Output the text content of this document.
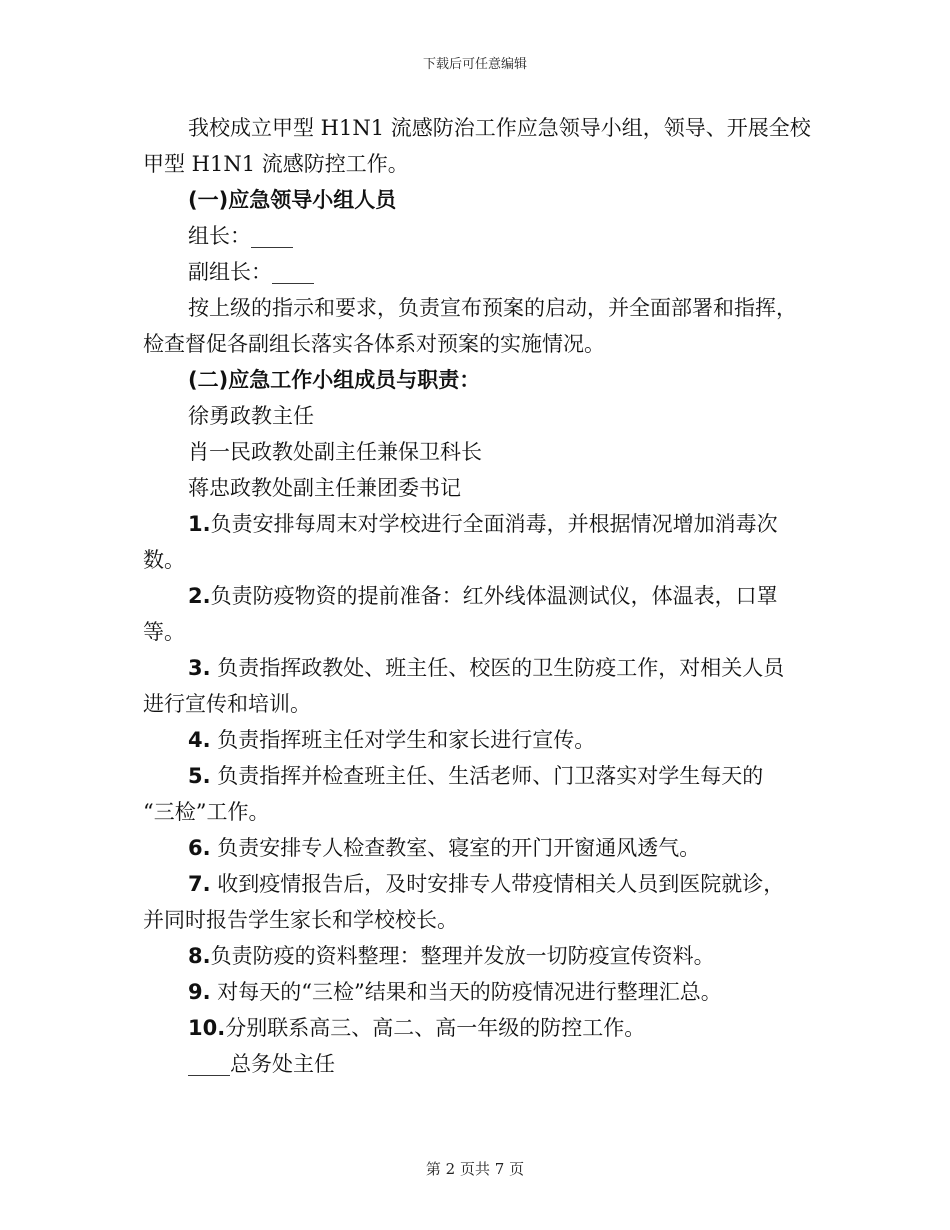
下载后可任意编辑
我校成立甲型 H1N1 流感防治工作应急领导小组，领导、开展全校
甲型 H1N1 流感防控工作。
(一)应急领导小组人员
组长：____
副组长：____
按上级的指示和要求，负责宣布预案的启动，并全面部署和指挥，
检查督促各副组长落实各体系对预案的实施情况。
(二)应急工作小组成员与职责：
徐勇政教主任
肖一民政教处副主任兼保卫科长
蒋忠政教处副主任兼团委书记
1.负责安排每周末对学校进行全面消毒，并根据情况增加消毒次
数。
2.负责防疫物资的提前准备：红外线体温测试仪，体温表，口罩
等。
3. 负责指挥政教处、班主任、校医的卫生防疫工作，对相关人员
进行宣传和培训。
4. 负责指挥班主任对学生和家长进行宣传。
5. 负责指挥并检查班主任、生活老师、门卫落实对学生每天的
“三检”工作。
6. 负责安排专人检查教室、寝室的开门开窗通风透气。
7. 收到疫情报告后，及时安排专人带疫情相关人员到医院就诊，
并同时报告学生家长和学校校长。
8.负责防疫的资料整理：整理并发放一切防疫宣传资料。
9. 对每天的“三检”结果和当天的防疫情况进行整理汇总。
10.分别联系高三、高二、高一年级的防控工作。
____总务处主任
第 2 页共 7 页
